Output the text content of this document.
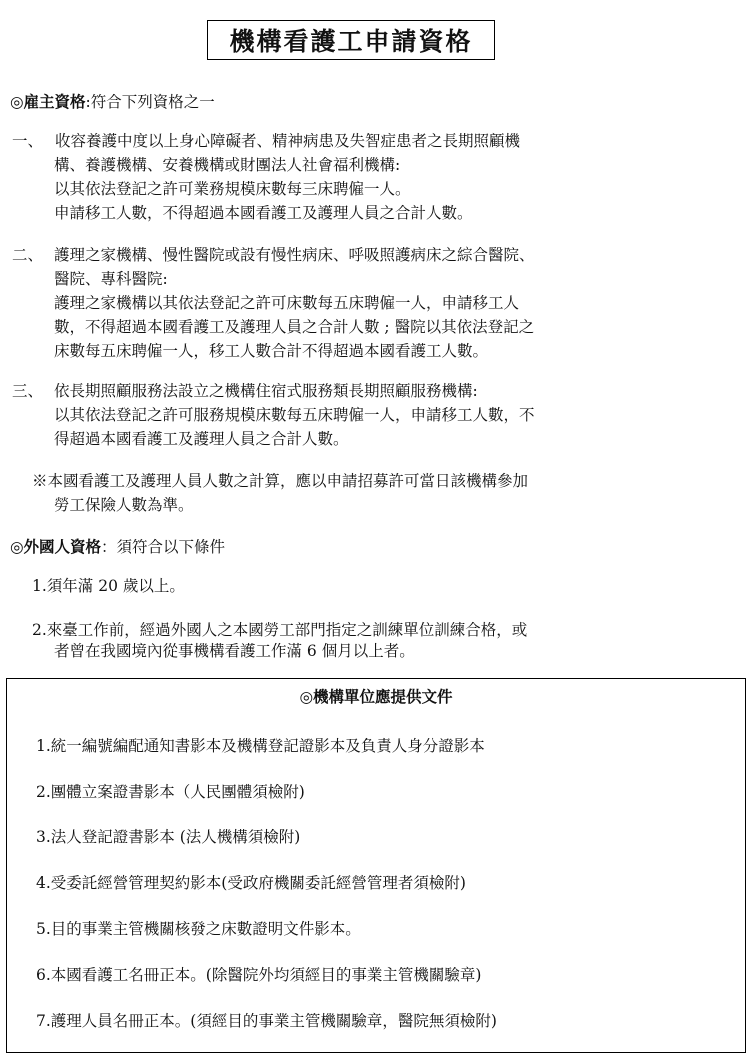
機構看護工申請資格
◎雇主資格:符合下列資格之一
一、 收容養護中度以上身心障礙者、精神病患及失智症患者之長期照顧機
構、養護機構、安養機構或財團法人社會福利機構:
以其依法登記之許可業務規模床數每三床聘僱一人。
申請移工人數，不得超過本國看護工及護理人員之合計人數。
二、 護理之家機構、慢性醫院或設有慢性病床、呼吸照護病床之綜合醫院、
醫院、專科醫院:
護理之家機構以其依法登記之許可床數每五床聘僱一人，申請移工人
數，不得超過本國看護工及護理人員之合計人數 ; 醫院以其依法登記之
床數每五床聘僱一人，移工人數合計不得超過本國看護工人數。
三、 依長期照顧服務法設立之機構住宿式服務類長期照顧服務機構:
以其依法登記之許可服務規模床數每五床聘僱一人，申請移工人數，不
得超過本國看護工及護理人員之合計人數。
※本國看護工及護理人員人數之計算，應以申請招募許可當日該機構參加
勞工保險人數為準。
◎外國人資格：須符合以下條件
1.須年滿 20 歲以上。
2.來臺工作前，經過外國人之本國勞工部門指定之訓練單位訓練合格，或
者曾在我國境內從事機構看護工作滿 6 個月以上者。
◎機構單位應提供文件
1.統一編號編配通知書影本及機構登記證影本及負責人身分證影本
2.團體立案證書影本（人民團體須檢附)
3.法人登記證書影本 (法人機構須檢附)
4.受委託經營管理契約影本(受政府機關委託經營管理者須檢附)
5.目的事業主管機關核發之床數證明文件影本。
6.本國看護工名冊正本。(除醫院外均須經目的事業主管機關驗章)
7.護理人員名冊正本。(須經目的事業主管機關驗章，醫院無須檢附)
